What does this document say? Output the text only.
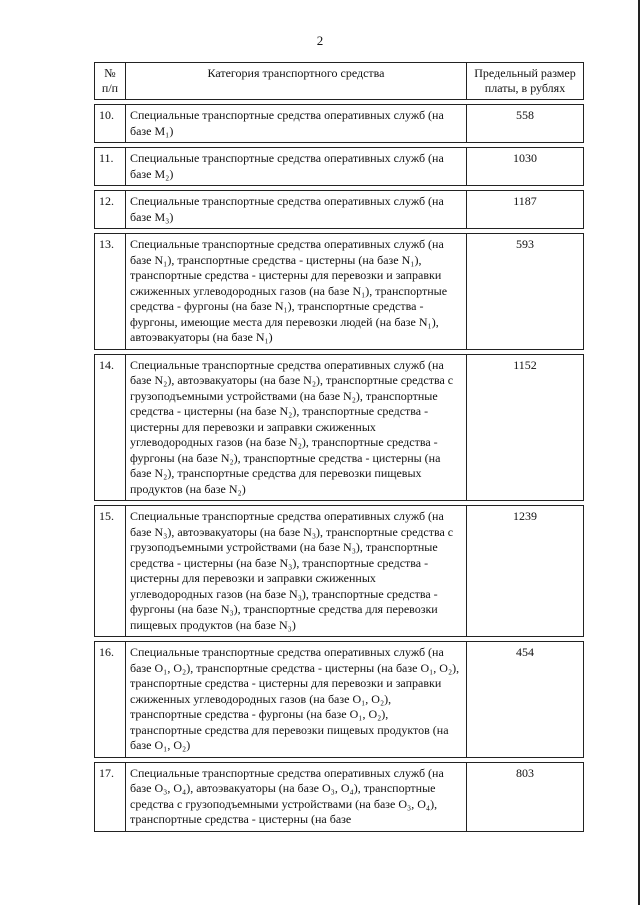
2
№ п/п	Категория транспортного средства	Предельный размер платы, в рублях

10.	Специальные транспортные средства оперативных служб (на базе M₁)	558

11.	Специальные транспортные средства оперативных служб (на базе M₂)	1030

12.	Специальные транспортные средства оперативных служб (на базе M₃)	1187

13.	Специальные транспортные средства оперативных служб (на базе N₁), транспортные средства - цистерны (на базе N₁), транспортные средства - цистерны для перевозки и заправки сжиженных углеводородных газов (на базе N₁), транспортные средства - фургоны (на базе N₁), транспортные средства - фургоны, имеющие места для перевозки людей (на базе N₁), автоэвакуаторы (на базе N₁)	593

14.	Специальные транспортные средства оперативных служб (на базе N₂), автоэвакуаторы (на базе N₂), транспортные средства с грузоподъемными устройствами (на базе N₂), транспортные средства - цистерны (на базе N₂), транспортные средства - цистерны для перевозки и заправки сжиженных углеводородных газов (на базе N₂), транспортные средства - фургоны (на базе N₂), транспортные средства - цистерны (на базе N₂), транспортные средства для перевозки пищевых продуктов (на базе N₂)	1152

15.	Специальные транспортные средства оперативных служб (на базе N₃), автоэвакуаторы (на базе N₃), транспортные средства с грузоподъемными устройствами (на базе N₃), транспортные средства - цистерны (на базе N₃), транспортные средства - цистерны для перевозки и заправки сжиженных углеводородных газов (на базе N₃), транспортные средства - фургоны (на базе N₃), транспортные средства для перевозки пищевых продуктов (на базе N₃)	1239

16.	Специальные транспортные средства оперативных служб (на базе O₁, O₂), транспортные средства - цистерны (на базе O₁, O₂), транспортные средства - цистерны для перевозки и заправки сжиженных углеводородных газов (на базе O₁, O₂), транспортные средства - фургоны (на базе O₁, O₂), транспортные средства для перевозки пищевых продуктов (на базе O₁, O₂)	454

17.	Специальные транспортные средства оперативных служб (на базе O₃, O₄), автоэвакуаторы (на базе O₃, O₄), транспортные средства с грузоподъемными устройствами (на базе O₃, O₄), транспортные средства - цистерны (на базе	803
